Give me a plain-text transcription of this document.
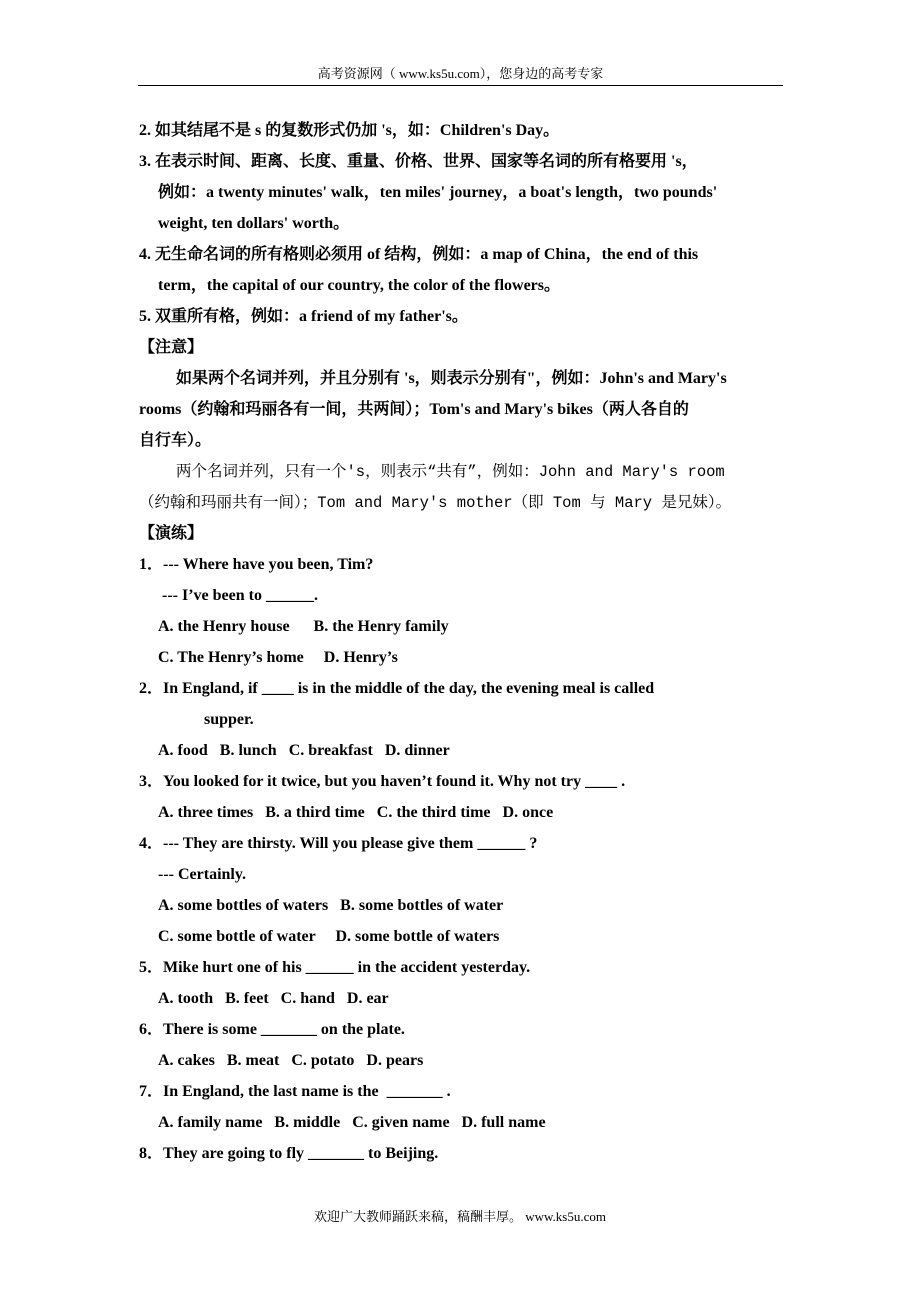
高考资源网（ www.ks5u.com），您身边的高考专家
2. 如其结尾不是 s 的复数形式仍加 's，如：Children's Day。
3. 在表示时间、距离、长度、重量、价格、世界、国家等名词的所有格要用 's，
例如：a twenty minutes' walk，ten miles' journey，a boat's length，two pounds'
weight, ten dollars' worth。
4. 无生命名词的所有格则必须用 of 结构，例如：a map of China，the end of this
term，the capital of our country, the color of the flowers。
5. 双重所有格，例如：a friend of my father's。
【注意】
如果两个名词并列，并且分别有 's，则表示分别有"，例如：John's and Mary's
rooms（约翰和玛丽各有一间，共两间）；Tom's and Mary's bikes（两人各自的
自行车）。
两个名词并列，只有一个's，则表示“共有”，例如：John and Mary's room
（约翰和玛丽共有一间）；Tom and Mary's mother（即 Tom 与 Mary 是兄妹）。
【演练】
1．--- Where have you been, Tim?
--- I’ve been to ______.
A. the Henry house      B. the Henry family
C. The Henry’s home     D. Henry’s
2．In England, if ____ is in the middle of the day, the evening meal is called
supper.
A. food   B. lunch   C. breakfast   D. dinner
3．You looked for it twice, but you haven’t found it. Why not try ____ .
A. three times   B. a third time   C. the third time   D. once
4．--- They are thirsty. Will you please give them ______ ?
--- Certainly.
A. some bottles of waters   B. some bottles of water
C. some bottle of water     D. some bottle of waters
5．Mike hurt one of his ______ in the accident yesterday.
A. tooth   B. feet   C. hand   D. ear
6．There is some _______ on the plate.
A. cakes   B. meat   C. potato   D. pears
7．In England, the last name is the  _______ .
A. family name   B. middle   C. given name   D. full name
8．They are going to fly _______ to Beijing.
欢迎广大教师踊跃来稿，稿酬丰厚。 www.ks5u.com
